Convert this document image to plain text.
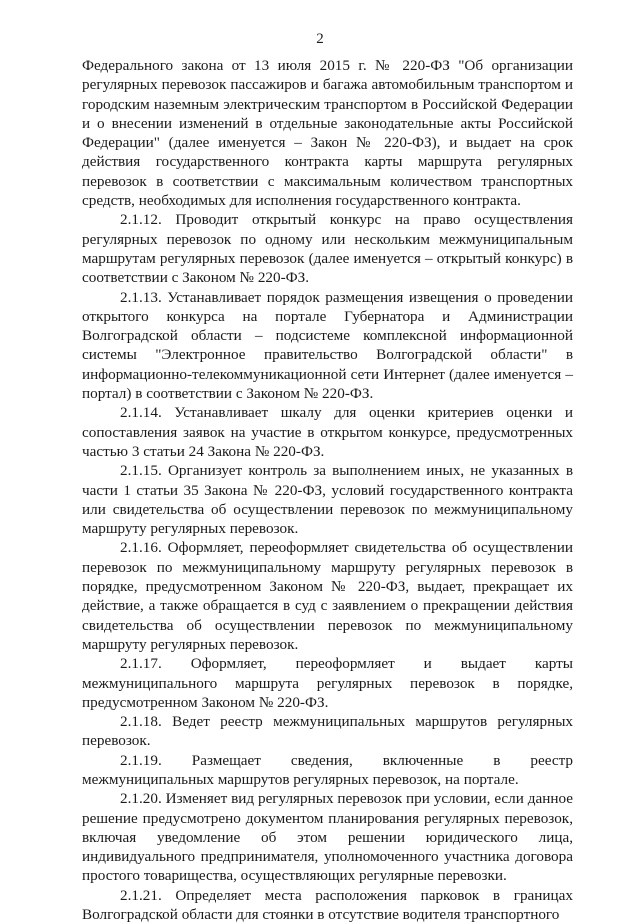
2

Федерального закона от 13 июля 2015 г. № 220-ФЗ "Об организации регулярных перевозок пассажиров и багажа автомобильным транспортом и городским наземным электрическим транспортом в Российской Федерации и о внесении изменений в отдельные законодательные акты Российской Федерации" (далее именуется – Закон № 220-ФЗ), и выдает на срок действия государственного контракта карты маршрута регулярных перевозок в соответствии с максимальным количеством транспортных средств, необходимых для исполнения государственного контракта.

2.1.12. Проводит открытый конкурс на право осуществления регулярных перевозок по одному или нескольким межмуниципальным маршрутам регулярных перевозок (далее именуется – открытый конкурс) в соответствии с Законом № 220-ФЗ.

2.1.13. Устанавливает порядок размещения извещения о проведении открытого конкурса на портале Губернатора и Администрации Волгоградской области – подсистеме комплексной информационной системы "Электронное правительство Волгоградской области" в информационно-телекоммуникационной сети Интернет (далее именуется – портал) в соответствии с Законом № 220-ФЗ.

2.1.14. Устанавливает шкалу для оценки критериев оценки и сопоставления заявок на участие в открытом конкурсе, предусмотренных частью 3 статьи 24 Закона № 220-ФЗ.

2.1.15. Организует контроль за выполнением иных, не указанных в части 1 статьи 35 Закона № 220-ФЗ, условий государственного контракта или свидетельства об осуществлении перевозок по межмуниципальному маршруту регулярных перевозок.

2.1.16. Оформляет, переоформляет свидетельства об осуществлении перевозок по межмуниципальному маршруту регулярных перевозок в порядке, предусмотренном Законом № 220-ФЗ, выдает, прекращает их действие, а также обращается в суд с заявлением о прекращении действия свидетельства об осуществлении перевозок по межмуниципальному маршруту регулярных перевозок.

2.1.17. Оформляет, переоформляет и выдает карты межмуниципального маршрута регулярных перевозок в порядке, предусмотренном Законом № 220-ФЗ.

2.1.18. Ведет реестр межмуниципальных маршрутов регулярных перевозок.

2.1.19. Размещает сведения, включенные в реестр межмуниципальных маршрутов регулярных перевозок, на портале.

2.1.20. Изменяет вид регулярных перевозок при условии, если данное решение предусмотрено документом планирования регулярных перевозок, включая уведомление об этом решении юридического лица, индивидуального предпринимателя, уполномоченного участника договора простого товарищества, осуществляющих регулярные перевозки.

2.1.21. Определяет места расположения парковок в границах Волгоградской области для стоянки в отсутствие водителя транспортного
